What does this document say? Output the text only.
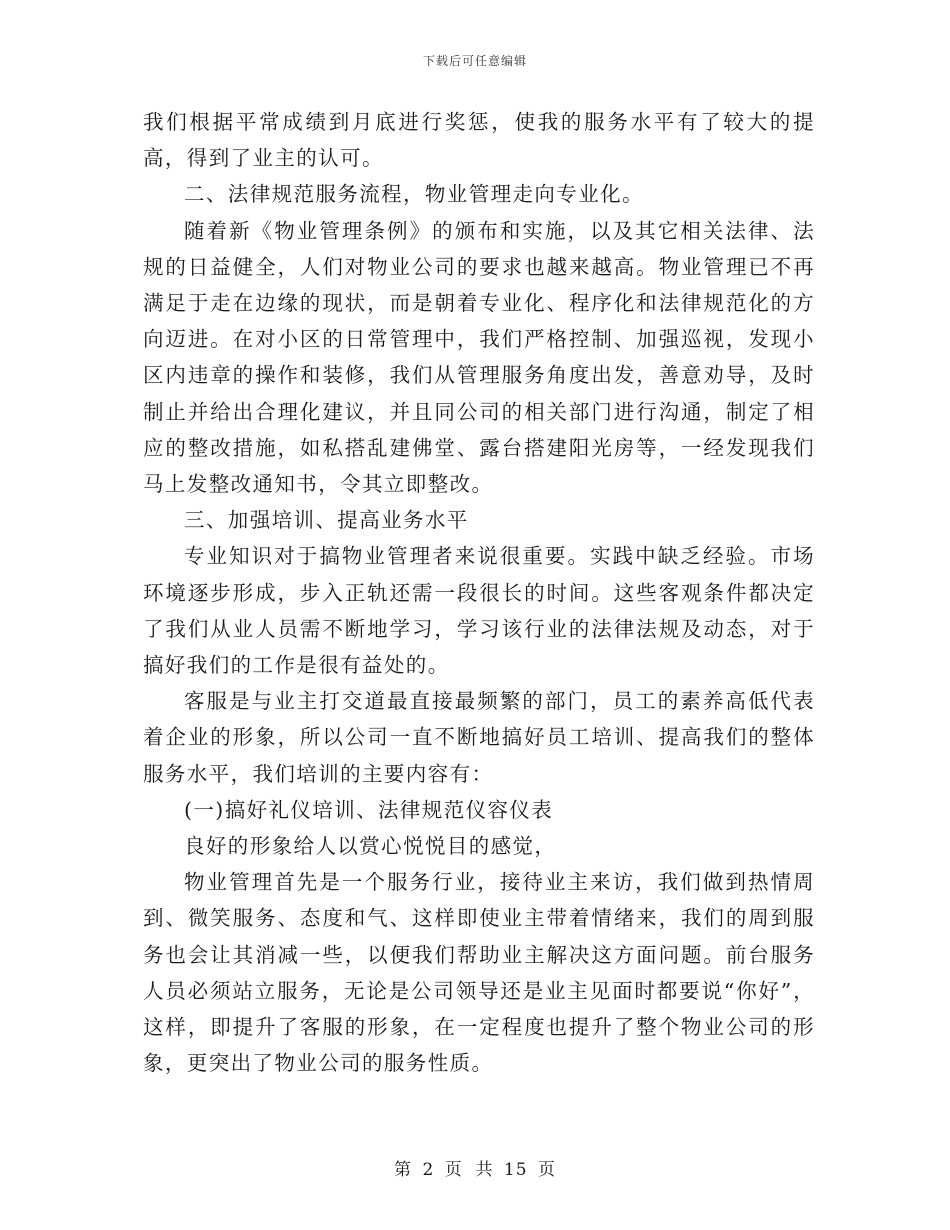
下载后可任意编辑

我们根据平常成绩到月底进行奖惩，使我的服务水平有了较大的提高，得到了业主的认可。

二、法律规范服务流程，物业管理走向专业化。

随着新《物业管理条例》的颁布和实施，以及其它相关法律、法规的日益健全，人们对物业公司的要求也越来越高。物业管理已不再满足于走在边缘的现状，而是朝着专业化、程序化和法律规范化的方向迈进。在对小区的日常管理中，我们严格控制、加强巡视，发现小区内违章的操作和装修，我们从管理服务角度出发，善意劝导，及时制止并给出合理化建议，并且同公司的相关部门进行沟通，制定了相应的整改措施，如私搭乱建佛堂、露台搭建阳光房等，一经发现我们马上发整改通知书，令其立即整改。

三、加强培训、提高业务水平

专业知识对于搞物业管理者来说很重要。实践中缺乏经验。市场环境逐步形成，步入正轨还需一段很长的时间。这些客观条件都决定了我们从业人员需不断地学习，学习该行业的法律法规及动态，对于搞好我们的工作是很有益处的。

客服是与业主打交道最直接最频繁的部门，员工的素养高低代表着企业的形象，所以公司一直不断地搞好员工培训、提高我们的整体服务水平，我们培训的主要内容有：

(一)搞好礼仪培训、法律规范仪容仪表

良好的形象给人以赏心悦悦目的感觉，

物业管理首先是一个服务行业，接待业主来访，我们做到热情周到、微笑服务、态度和气、这样即使业主带着情绪来，我们的周到服务也会让其消减一些，以便我们帮助业主解决这方面问题。前台服务人员必须站立服务，无论是公司领导还是业主见面时都要说“你好”，这样，即提升了客服的形象，在一定程度也提升了整个物业公司的形象，更突出了物业公司的服务性质。

第 2 页  共 15 页
